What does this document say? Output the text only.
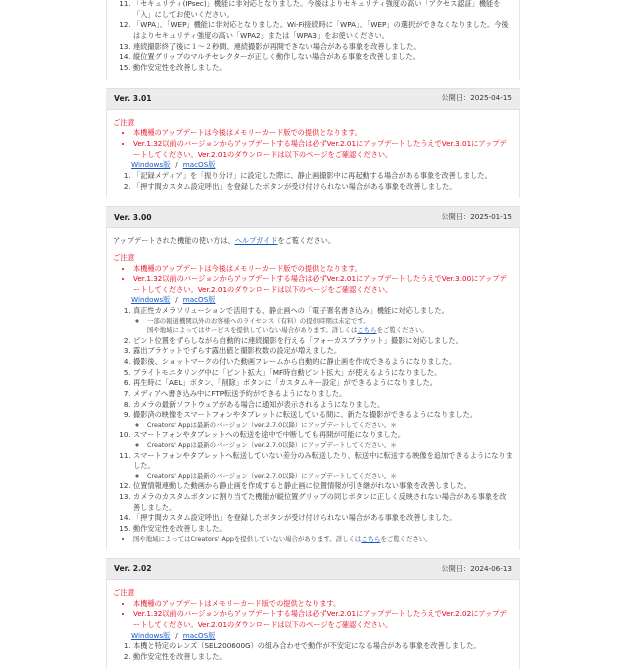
11. 「セキュリティ(IPsec)」機能に非対応となりました。今後はよりセキュリティ強度の高い「アクセス認証」機能を「入」にしてお使いください。
12. 「WPA」、「WEP」機能に非対応となりました。Wi-Fi接続時に「WPA」、「WEP」の選択ができなくなりました。今後はよりセキュリティ強度の高い「WPA2」または「WPA3」をお使いください。
13. 連続撮影終了後に１～２秒間、連続撮影が再開できない場合がある事象を改善しました。
14. 縦位置グリップのマルチセレクターが正しく動作しない場合がある事象を改善しました。
15. 動作安定性を改善しました。
Ver. 3.01	公開日：2025-04-15
ご注意
• 本機種のアップデートは今後はメモリーカード版での提供となります。
• Ver.1.32以前のバージョンからアップデートする場合は必ずVer.2.01にアップデートしたうえでVer.3.01にアップデートしてください。Ver.2.01のダウンロードは以下のページをご確認ください。
Windows版 / macOS版
1. 「記録メディア」を「振り分け」に設定した際に、静止画撮影中に再起動する場合がある事象を改善しました。
2. 「押す間カスタム設定呼出」を登録したボタンが受け付けられない場合がある事象を改善しました。
Ver. 3.00	公開日：2025-01-15
アップデートされた機能の使い方は、ヘルプガイドをご覧ください。
ご注意
• 本機種のアップデートは今後はメモリーカード版での提供となります。
• Ver.1.32以前のバージョンからアップデートする場合は必ずVer.2.01にアップデートしたうえでVer.3.00にアップデートしてください。Ver.2.01のダウンロードは以下のページをご確認ください。
Windows版 / macOS版
1. 真正性カメラソリューションで活用する、静止画への「電子署名書き込み」機能に対応しました。
◦ 一部の報道機関以外のお客様へのライセンス（有料）の提供時期は未定です。
国や地域によってはサービスを提供していない場合があります。詳しくはこちらをご覧ください。
2. ピント位置をずらしながら自動的に連続撮影を行える「フォーカスブラケット」撮影に対応しました。
3. 露出ブラケットでずらす露出値と撮影枚数の設定が増えました。
4. 撮影後、ショットマークの付いた動画フレームから自動的に静止画を作成できるようになりました。
5. ブライトモニタリング中に「ピント拡大」「MF時自動ピント拡大」が使えるようになりました。
6. 再生時に「AEL」ボタン、「削除」ボタンに「カスタムキー設定」ができるようになりました。
7. メディアへ書き込み中にFTP転送予約ができるようになりました。
8. カメラの最新ソフトウェアがある場合に通知が表示されるようになりました。
9. 撮影済の映像をスマートフォンやタブレットに転送している間に、新たな撮影ができるようになりました。
◦ Creators' Appは最新のバージョン（ver.2.7.0以降）にアップデートしてください。＊
10. スマートフォンやタブレットへの転送を途中で中断しても再開が可能になりました。
◦ Creators' Appは最新のバージョン（ver.2.7.0以降）にアップデートしてください。＊
11. スマートフォンやタブレットへ転送していない差分のみ転送したり、転送中に転送する映像を追加できるようになりました。
◦ Creators' Appは最新のバージョン（ver.2.7.0以降）にアップデートしてください。＊
12. 位置情報連動した動画から静止画を作成すると静止画に位置情報が引き継がれない事象を改善しました。
13. カメラのカスタムボタンに割り当てた機能が縦位置グリップの同じボタンに正しく反映されない場合がある事象を改善しました。
14. 「押す間カスタム設定呼出」を登録したボタンが受け付けられない場合がある事象を改善しました。
15. 動作安定性を改善しました。
• 国や地域によってはCreators' Appを提供していない場合があります。詳しくはこちらをご覧ください。
Ver. 2.02	公開日：2024-06-13
ご注意
• 本機種のアップデートはメモリーカード版での提供となります。
• Ver.1.32以前のバージョンからアップデートする場合は必ずVer.2.01にアップデートしたうえでVer.2.02にアップデートしてください。Ver.2.01のダウンロードは以下のページをご確認ください。
Windows版 / macOS版
1. 本機と特定のレンズ（SEL200600G）の組み合わせで動作が不安定になる場合がある事象を改善しました。
2. 動作安定性を改善しました。
